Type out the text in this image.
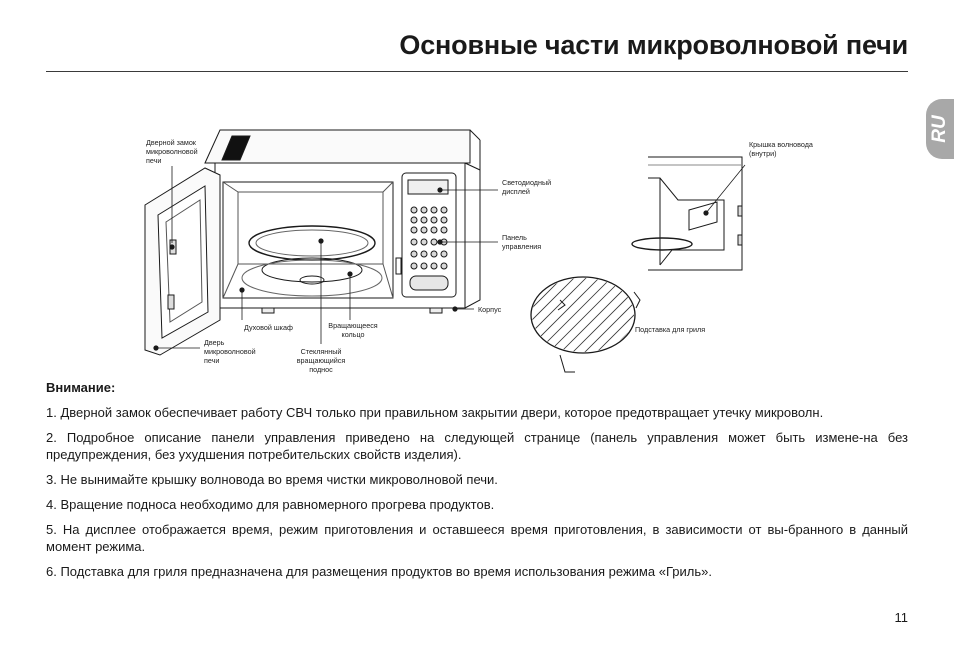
Основные части микроволновой печи
RU
Дверной замок
микроволновой
печи
Светодиодный
дисплей
Панель
управления
Корпус
Духовой шкаф	Вращающееся
кольцо
Дверь
микроволновой
печи
Стеклянный
вращающийся
поднос
Крышка волновода
(внутри)
Подставка для гриля

Внимание:

1. Дверной замок обеспечивает работу СВЧ только при правильном закрытии двери, которое предотвращает утечку микроволн.

2. Подробное описание панели управления приведено на следующей странице (панель управления может быть измене-на без предупреждения, без ухудшения потребительских свойств изделия).

3. Не вынимайте крышку волновода во время чистки микроволновой печи.

4. Вращение подноса необходимо для равномерного прогрева продуктов.

5. На дисплее отображается время, режим приготовления и оставшееся время приготовления, в зависимости от вы-бранного в данный момент режима.

6. Подставка для гриля предназначена для размещения продуктов во время использования режима «Гриль».

11
